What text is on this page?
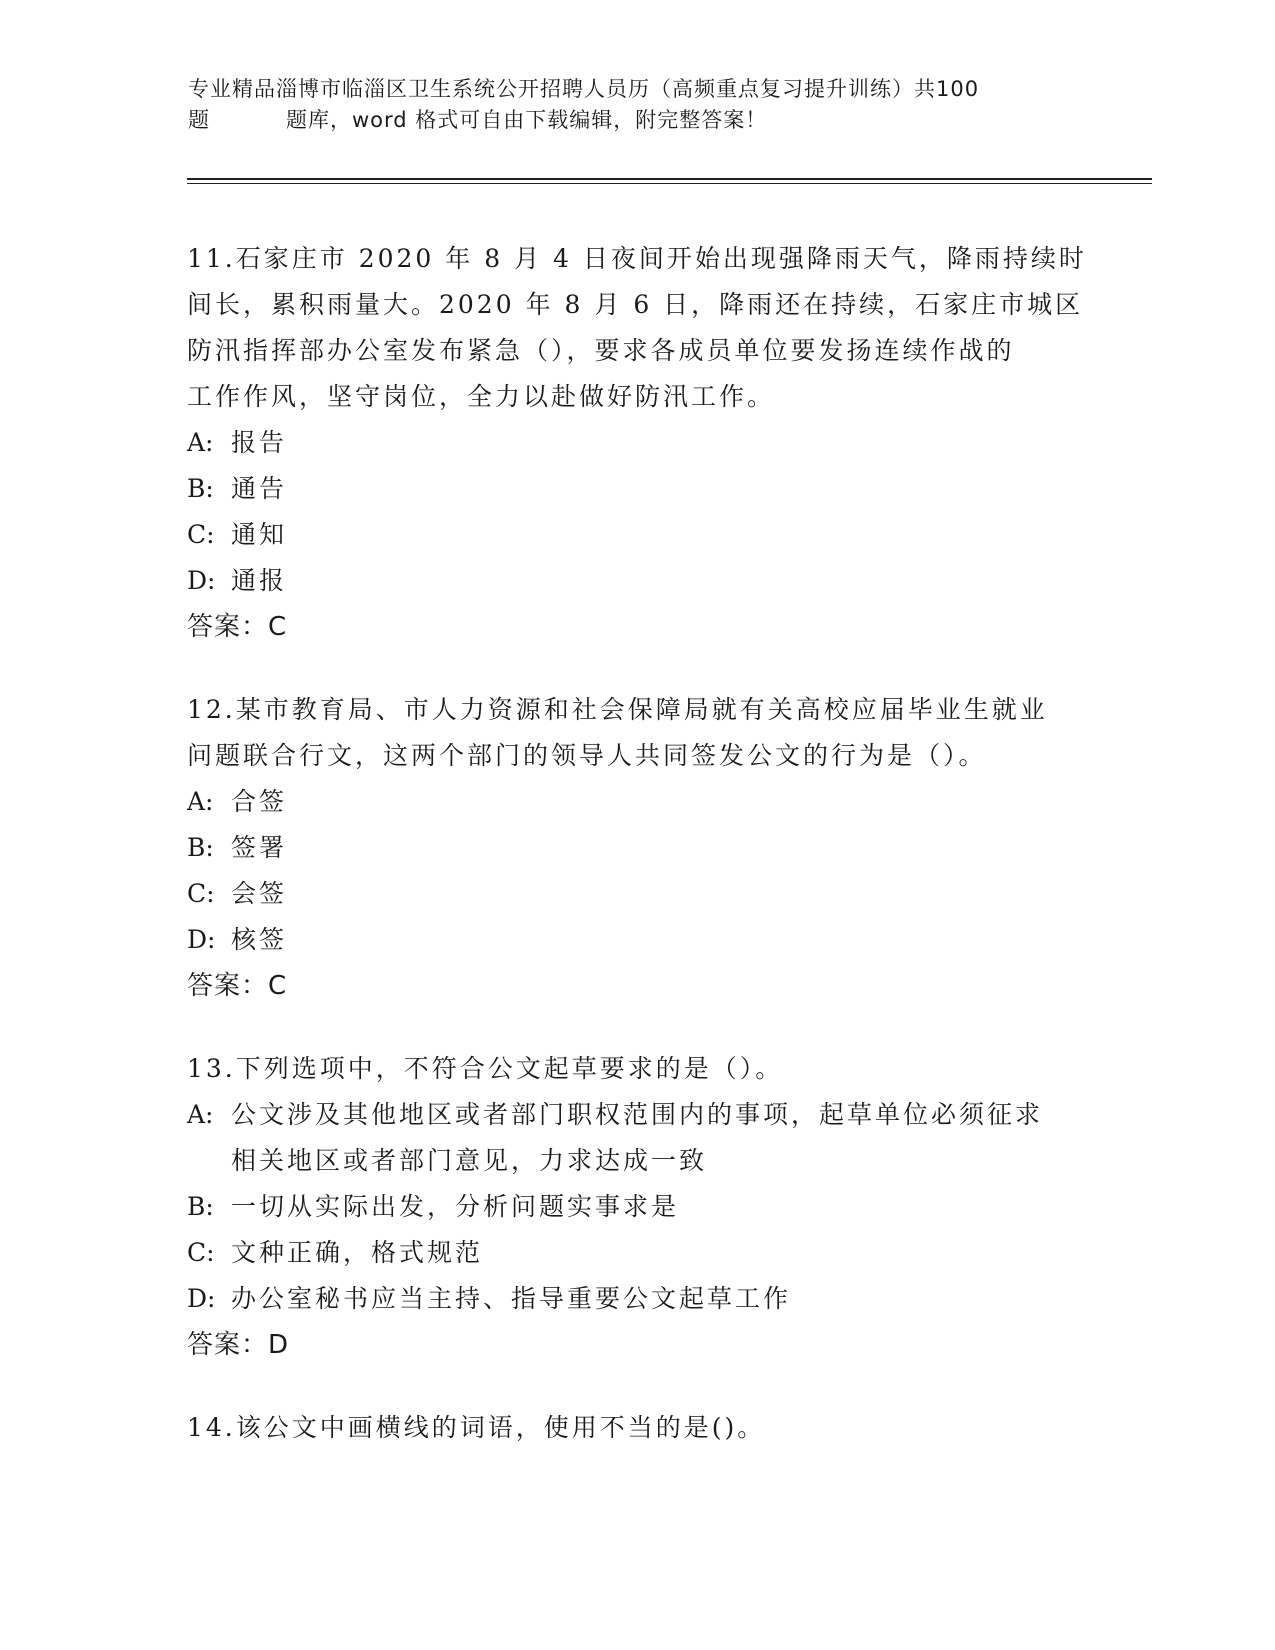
专业精品淄博市临淄区卫生系统公开招聘人员历（高频重点复习提升训练）共100
题	题库，word 格式可自由下载编辑，附完整答案！

11.石家庄市 2020 年 8 月 4 日夜间开始出现强降雨天气，降雨持续时

间长，累积雨量大。2020 年 8 月 6 日，降雨还在持续，石家庄市城区

防汛指挥部办公室发布紧急（），要求各成员单位要发扬连续作战的

工作作风，坚守岗位，全力以赴做好防汛工作。

A: 报告

B: 通告

C: 通知

D: 通报

答案：C

12.某市教育局、市人力资源和社会保障局就有关高校应届毕业生就业

问题联合行文，这两个部门的领导人共同签发公文的行为是（）。

A: 合签

B: 签署

C: 会签

D: 核签

答案：C

13.下列选项中，不符合公文起草要求的是（）。

A: 公文涉及其他地区或者部门职权范围内的事项，起草单位必须征求

相关地区或者部门意见，力求达成一致

B: 一切从实际出发，分析问题实事求是

C: 文种正确，格式规范

D: 办公室秘书应当主持、指导重要公文起草工作

答案：D

14.该公文中画横线的词语，使用不当的是()。
